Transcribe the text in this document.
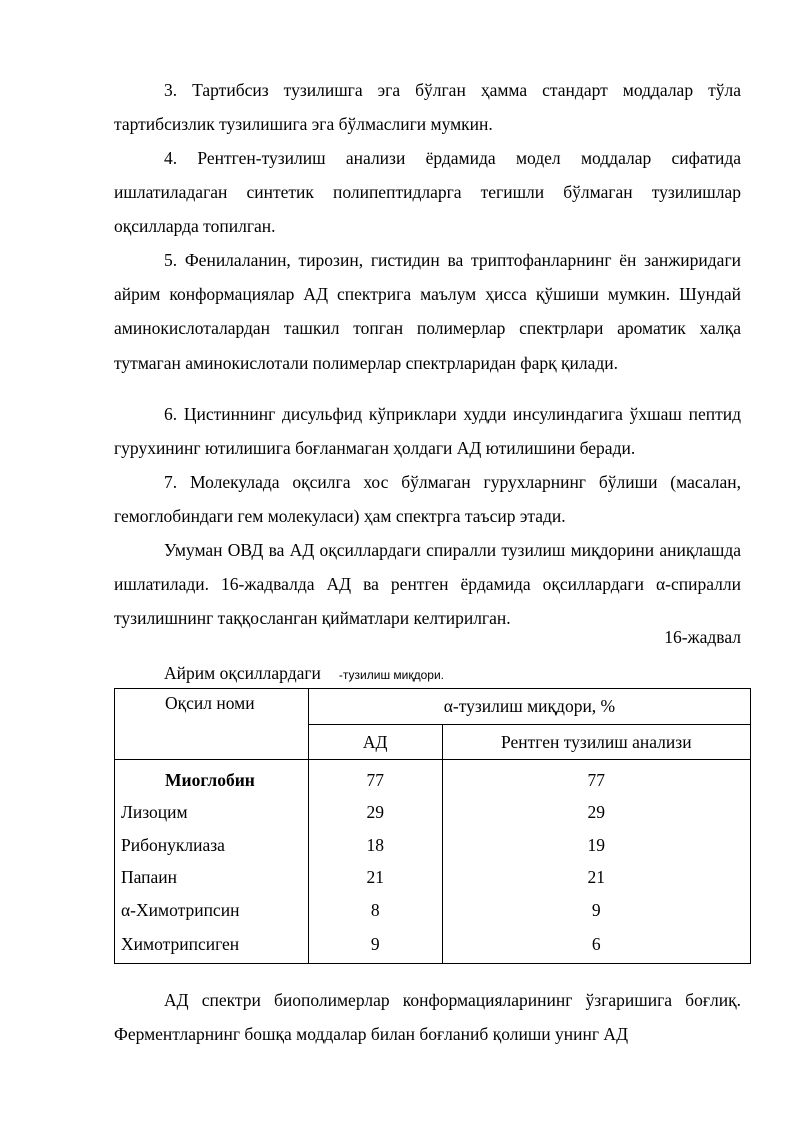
3. Тартибсиз тузилишга эга бўлган ҳамма стандарт моддалар тўла тартибсизлик тузилишига эга бўлмаслиги мумкин.

4. Рентген-тузилиш анализи ёрдамида модел моддалар сифатида ишлатиладаган синтетик полипептидларга тегишли бўлмаган тузилишлар оқсилларда топилган.

5. Фенилаланин, тирозин, гистидин ва триптофанларнинг ён занжиридаги айрим конформациялар АД спектрига маълум ҳисса қўшиши мумкин. Шундай аминокислоталардан ташкил топган полимерлар спектрлари ароматик халқа тутмаган аминокислотали полимерлар спектрларидан фарқ қилади.

6. Цистиннинг дисульфид кўприклари худди инсулиндагига ўхшаш пептид гурухининг ютилишига боғланмаган ҳолдаги АД ютилишини беради.

7. Молекулада оқсилга хос бўлмаган гурухларнинг бўлиши (масалан, гемоглобиндаги гем молекуласи) ҳам спектрга таъсир этади.

Умуман ОВД ва АД оқсиллардаги спиралли тузилиш миқдорини аниқлашда ишлатилади. 16-жадвалда АД ва рентген ёрдамида оқсиллардаги α-спиралли тузилишнинг таққосланган қийматлари келтирилган.

16-жадвал
Айрим оқсиллардаги -тузилиш миқдори.
Оқсил номи	α-тузилиш миқдори, %	
	АД	Рентген тузилиш анализи
Миоглобин	77	77
Лизоцим	29	29
Рибонуклиаза	18	19
Папаин	21	21
α-Химотрипсин	8	9
Химотрипсиген	9	6

АД спектри биополимерлар конформацияларининг ўзгаришига боғлиқ. Ферментларнинг бошқа моддалар билан боғланиб қолиши унинг АД
